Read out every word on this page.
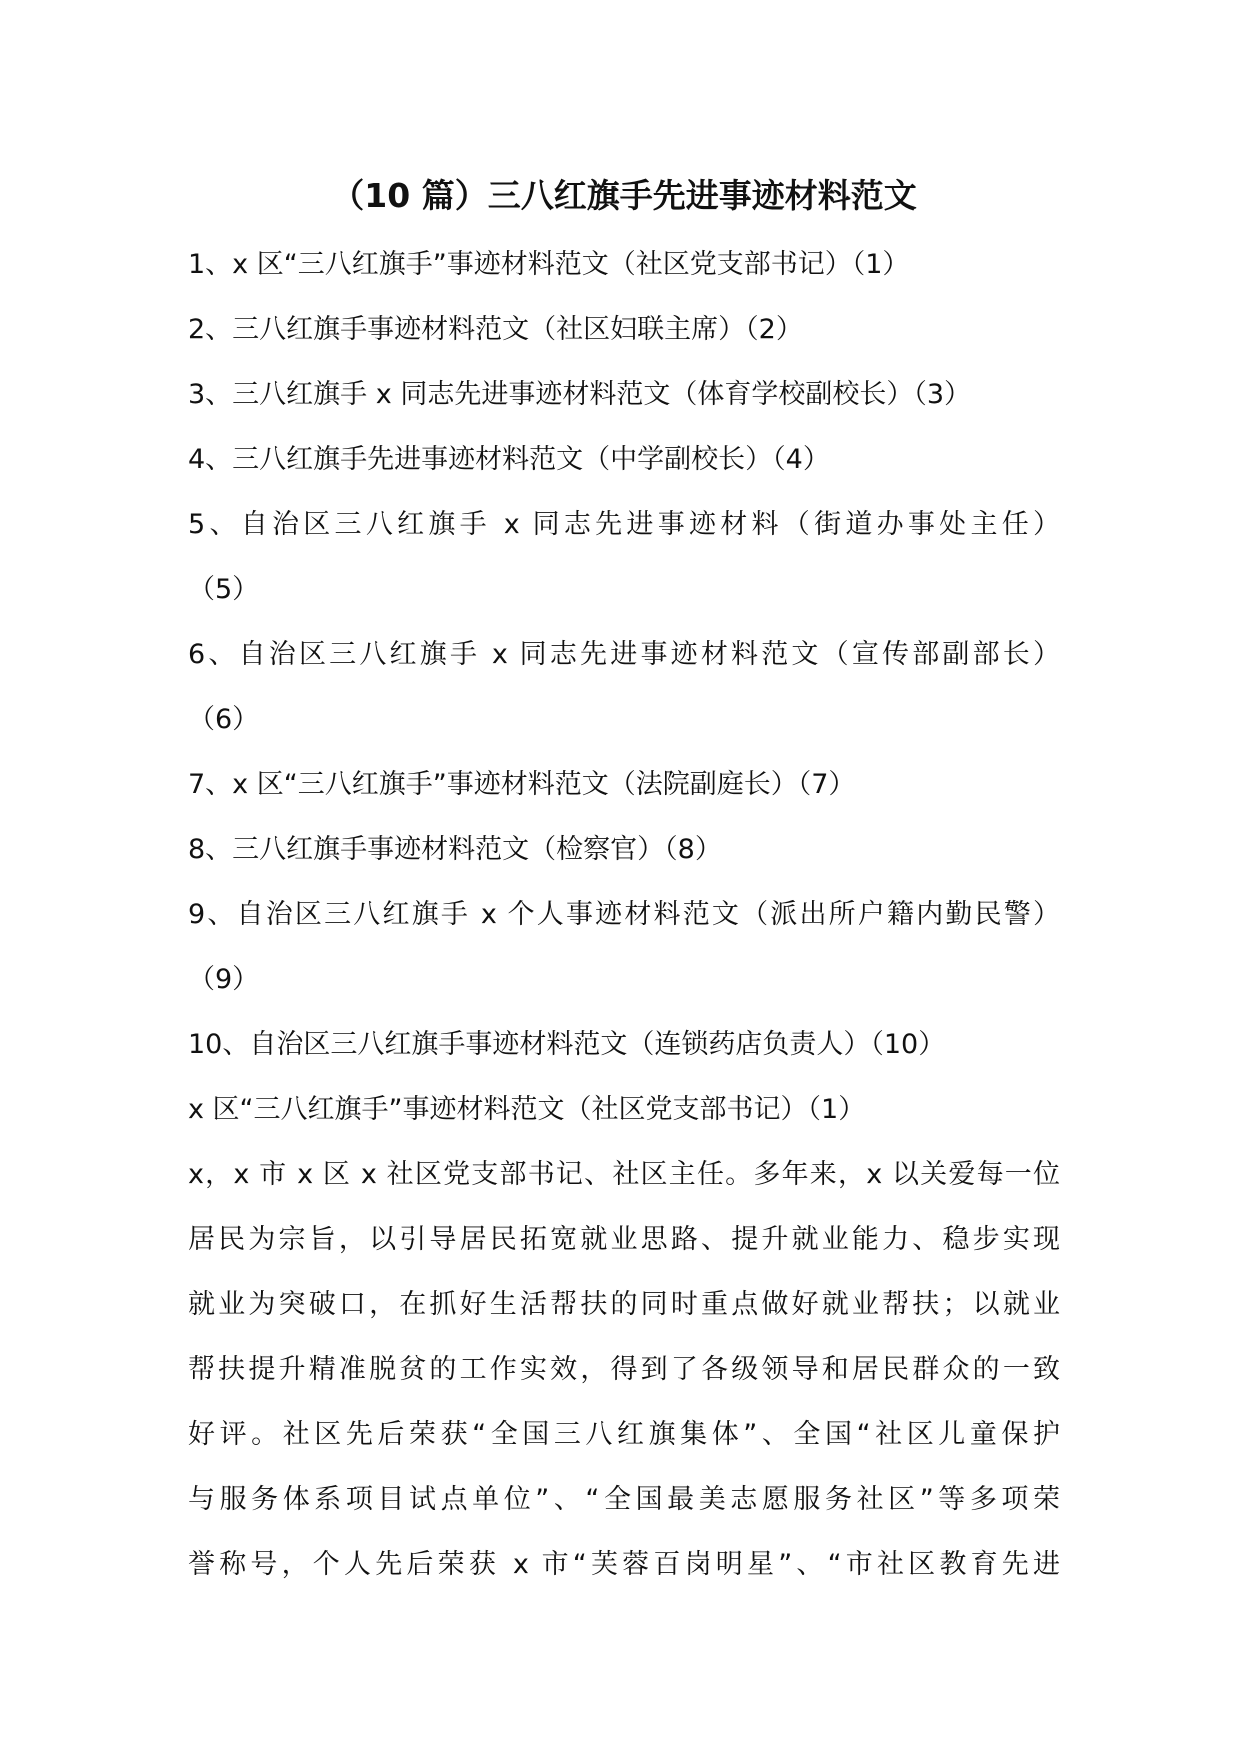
（10 篇）三八红旗手先进事迹材料范文
1、x 区“三八红旗手”事迹材料范文（社区党支部书记）（1）
2、三八红旗手事迹材料范文（社区妇联主席）（2）
3、三八红旗手 x 同志先进事迹材料范文（体育学校副校长）（3）
4、三八红旗手先进事迹材料范文（中学副校长）（4）
5、自治区三八红旗手 x 同志先进事迹材料（街道办事处主任）
（5）
6、自治区三八红旗手 x 同志先进事迹材料范文（宣传部副部长）
（6）
7、x 区“三八红旗手”事迹材料范文（法院副庭长）（7）
8、三八红旗手事迹材料范文（检察官）（8）
9、自治区三八红旗手 x 个人事迹材料范文（派出所户籍内勤民警）
（9）
10、自治区三八红旗手事迹材料范文（连锁药店负责人）（10）
x 区“三八红旗手”事迹材料范文（社区党支部书记）（1）
x，x 市 x 区 x 社区党支部书记、社区主任。多年来，x 以关爱每一位
居民为宗旨，以引导居民拓宽就业思路、提升就业能力、稳步实现
就业为突破口，在抓好生活帮扶的同时重点做好就业帮扶；以就业
帮扶提升精准脱贫的工作实效，得到了各级领导和居民群众的一致
好评。社区先后荣获“全国三八红旗集体”、全国“社区儿童保护
与服务体系项目试点单位”、“全国最美志愿服务社区”等多项荣
誉称号，个人先后荣获 x 市“芙蓉百岗明星”、“市社区教育先进
